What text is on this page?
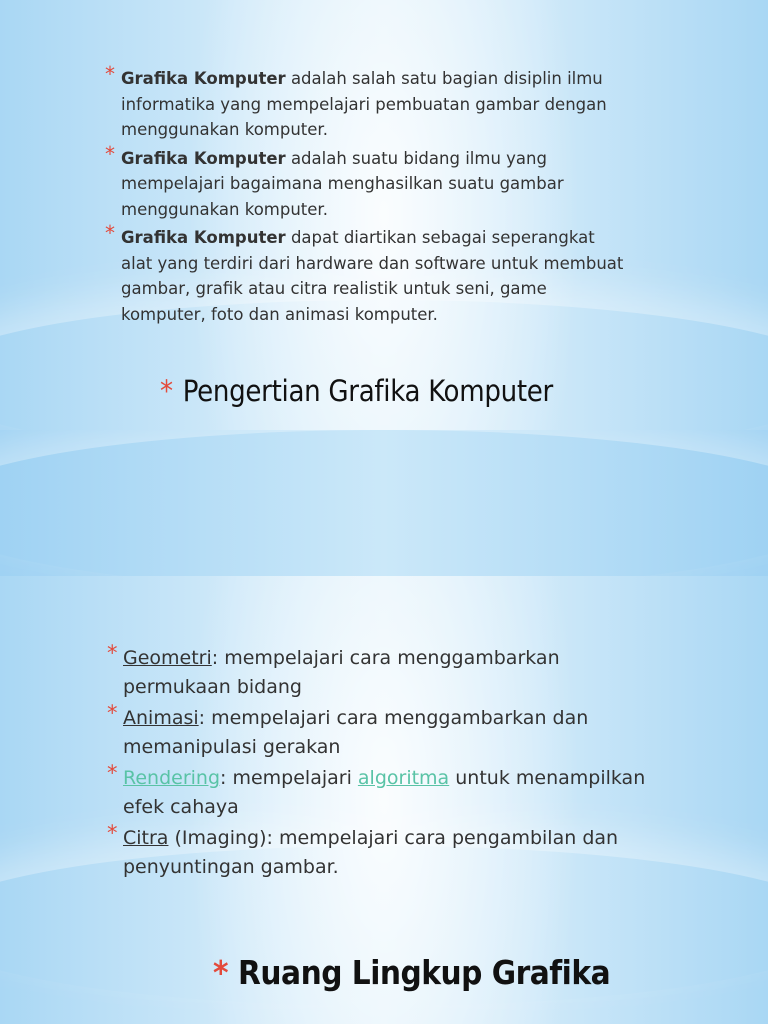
* Grafika Komputer adalah salah satu bagian disiplin ilmu informatika yang mempelajari pembuatan gambar dengan menggunakan komputer.
* Grafika Komputer adalah suatu bidang ilmu yang mempelajari bagaimana menghasilkan suatu gambar menggunakan komputer.
* Grafika Komputer dapat diartikan sebagai seperangkat alat yang terdiri dari hardware dan software untuk membuat gambar, grafik atau citra realistik untuk seni, game komputer, foto dan animasi komputer.
* Pengertian Grafika Komputer
* Geometri: mempelajari cara menggambarkan permukaan bidang
* Animasi: mempelajari cara menggambarkan dan memanipulasi gerakan
* Rendering: mempelajari algoritma untuk menampilkan efek cahaya
* Citra (Imaging): mempelajari cara pengambilan dan penyuntingan gambar.
* Ruang Lingkup Grafika
